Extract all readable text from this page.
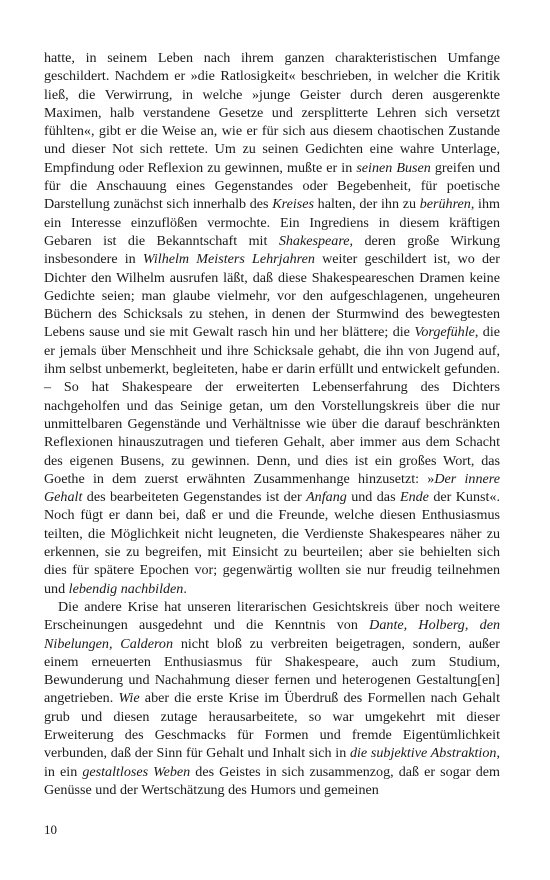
hatte, in seinem Leben nach ihrem ganzen charakteristischen Umfange geschildert. Nachdem er »die Ratlosigkeit« beschrieben, in welcher die Kritik ließ, die Verwirrung, in welche »junge Geister durch deren ausgerenkte Maximen, halb verstandene Gesetze und zersplitterte Lehren sich versetzt fühlten«, gibt er die Weise an, wie er für sich aus diesem chaotischen Zustande und dieser Not sich rettete. Um zu seinen Gedichten eine wahre Unterlage, Empfindung oder Reflexion zu gewinnen, mußte er in seinen Busen greifen und für die Anschauung eines Gegenstandes oder Begebenheit, für poetische Darstellung zunächst sich innerhalb des Kreises halten, der ihn zu berühren, ihm ein Interesse einzuflößen vermochte. Ein Ingrediens in diesem kräftigen Gebaren ist die Bekanntschaft mit Shakespeare, deren große Wirkung insbesondere in Wilhelm Meisters Lehrjahren weiter geschildert ist, wo der Dichter den Wilhelm ausrufen läßt, daß diese Shakespeareschen Dramen keine Gedichte seien; man glaube vielmehr, vor den aufgeschlagenen, ungeheuren Büchern des Schicksals zu stehen, in denen der Sturmwind des bewegtesten Lebens sause und sie mit Gewalt rasch hin und her blättere; die Vorgefühle, die er jemals über Menschheit und ihre Schicksale gehabt, die ihn von Jugend auf, ihm selbst unbemerkt, begleiteten, habe er darin erfüllt und entwickelt gefunden. – So hat Shakespeare der erweiterten Lebenserfahrung des Dichters nachgeholfen und das Seinige getan, um den Vorstellungskreis über die nur unmittelbaren Gegenstände und Verhältnisse wie über die darauf beschränkten Reflexionen hinauszutragen und tieferen Gehalt, aber immer aus dem Schacht des eigenen Busens, zu gewinnen. Denn, und dies ist ein großes Wort, das Goethe in dem zuerst erwähnten Zusammenhange hinzusetzt: »Der innere Gehalt des bearbeiteten Gegenstandes ist der Anfang und das Ende der Kunst«. Noch fügt er dann bei, daß er und die Freunde, welche diesen Enthusiasmus teilten, die Möglichkeit nicht leugneten, die Verdienste Shakespeares näher zu erkennen, sie zu begreifen, mit Einsicht zu beurteilen; aber sie behielten sich dies für spätere Epochen vor; gegenwärtig wollten sie nur freudig teilnehmen und lebendig nachbilden.

Die andere Krise hat unseren literarischen Gesichtskreis über noch weitere Erscheinungen ausgedehnt und die Kenntnis von Dante, Holberg, den Nibelungen, Calderon nicht bloß zu verbreiten beigetragen, sondern, außer einem erneuerten Enthusiasmus für Shakespeare, auch zum Studium, Bewunderung und Nachahmung dieser fernen und heterogenen Gestaltung[en] angetrieben. Wie aber die erste Krise im Überdruß des Formellen nach Gehalt grub und diesen zutage herausarbeitete, so war umgekehrt mit dieser Erweiterung des Geschmacks für Formen und fremde Eigentümlichkeit verbunden, daß der Sinn für Gehalt und Inhalt sich in die subjektive Abstraktion, in ein gestaltloses Weben des Geistes in sich zusammenzog, daß er sogar dem Genüsse und der Wertschätzung des Humors und gemeinen

10
